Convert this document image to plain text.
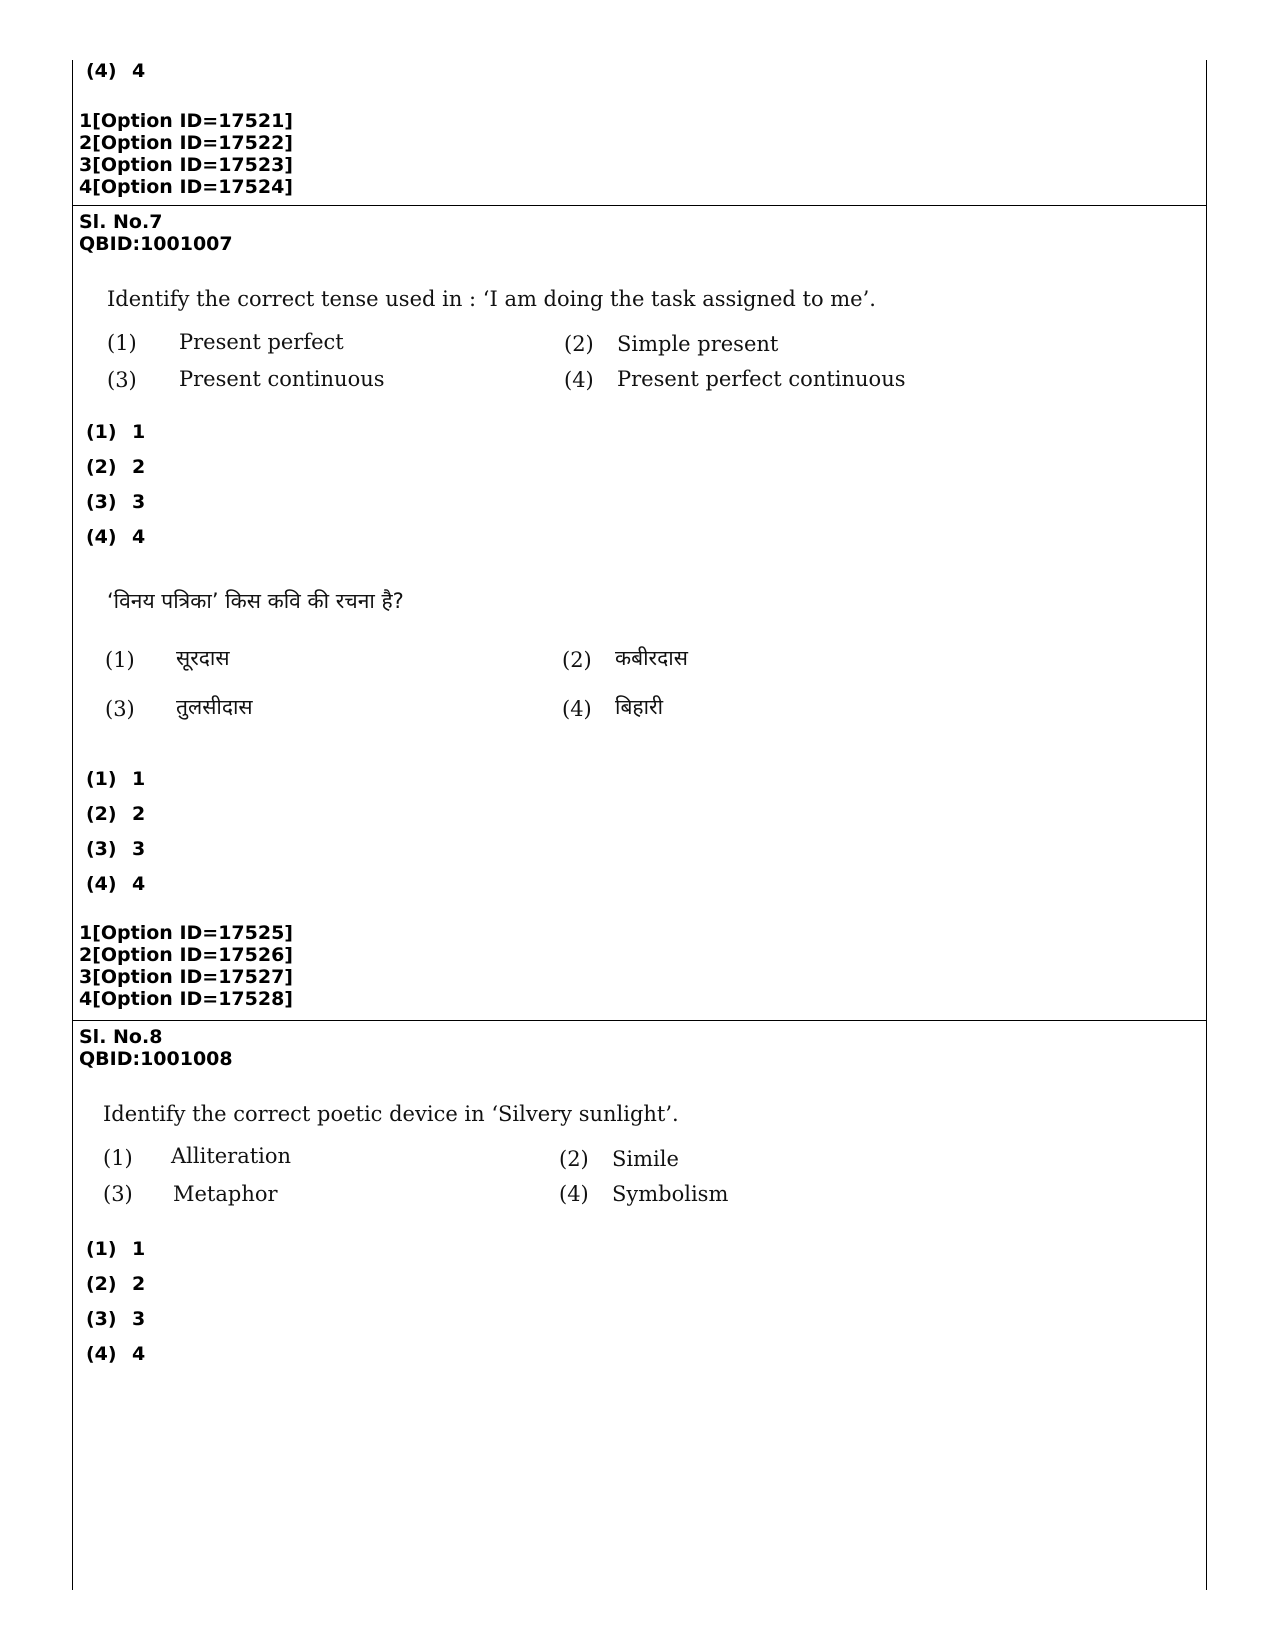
(4) 4
1[Option ID=17521]
2[Option ID=17522]
3[Option ID=17523]
4[Option ID=17524]
Sl. No.7
QBID:1001007
Identify the correct tense used in : ‘I am doing the task assigned to me’.
(1) Present perfect	(2) Simple present
(3) Present continuous	(4) Present perfect continuous
(1) 1
(2) 2
(3) 3
(4) 4
‘विनय पत्रिका’ किस कवि की रचना है?
(1) सूरदास	(2) कबीरदास
(3) तुलसीदास	(4) बिहारी
(1) 1
(2) 2
(3) 3
(4) 4
1[Option ID=17525]
2[Option ID=17526]
3[Option ID=17527]
4[Option ID=17528]
Sl. No.8
QBID:1001008
Identify the correct poetic device in ‘Silvery sunlight’.
(1) Alliteration	(2) Simile
(3) Metaphor	(4) Symbolism
(1) 1
(2) 2
(3) 3
(4) 4
